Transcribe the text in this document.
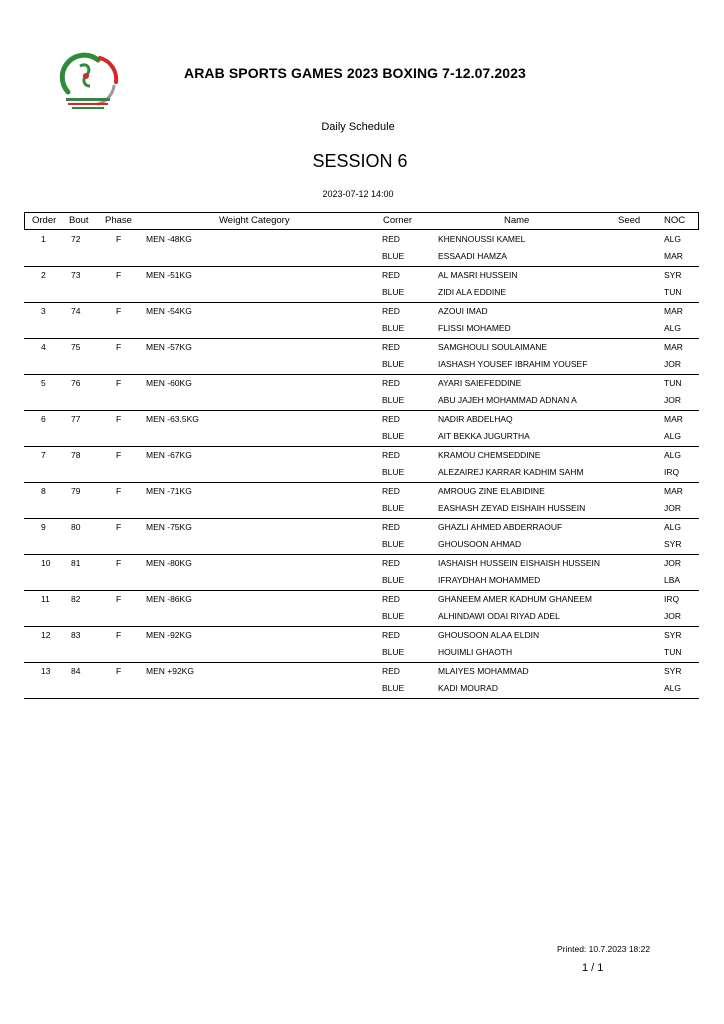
ARAB SPORTS GAMES 2023 BOXING 7-12.07.2023
Daily Schedule
SESSION 6
2023-07-12 14:00
Order Bout Phase	Weight Category	Corner	Name	Seed	NOC
1	72	F	MEN -48KG	RED	KHENNOUSSI KAMEL	ALG
BLUE	ESSAADI HAMZA	MAR
2	73	F	MEN -51KG	RED	AL MASRI HUSSEIN	SYR
BLUE	ZIDI ALA EDDINE	TUN
3	74	F	MEN -54KG	RED	AZOUI IMAD	MAR
BLUE	FLISSI MOHAMED	ALG
4	75	F	MEN -57KG	RED	SAMGHOULI SOULAIMANE	MAR
BLUE	IASHASH YOUSEF IBRAHIM YOUSEF	JOR
5	76	F	MEN -60KG	RED	AYARI SAIEFEDDINE	TUN
BLUE	ABU JAJEH MOHAMMAD ADNAN A	JOR
6	77	F	MEN -63.5KG	RED	NADIR ABDELHAQ	MAR
BLUE	AIT BEKKA JUGURTHA	ALG
7	78	F	MEN -67KG	RED	KRAMOU CHEMSEDDINE	ALG
BLUE	ALEZAIREJ KARRAR KADHIM SAHM	IRQ
8	79	F	MEN -71KG	RED	AMROUG ZINE ELABIDINE	MAR
BLUE	EASHASH ZEYAD EISHAIH HUSSEIN	JOR
9	80	F	MEN -75KG	RED	GHAZLI AHMED ABDERRAOUF	ALG
BLUE	GHOUSOON AHMAD	SYR
10 81	F	MEN -80KG	RED	IASHAISH HUSSEIN EISHAISH HUSSEIN	JOR
BLUE	IFRAYDHAH MOHAMMED	LBA
11 82	F	MEN -86KG	RED	GHANEEM AMER KADHUM GHANEEM	IRQ
BLUE	ALHINDAWI ODAI RIYAD ADEL	JOR
12 83	F	MEN -92KG	RED	GHOUSOON ALAA ELDIN	SYR
BLUE	HOUIMLI GHAOTH	TUN
13 84	F	MEN +92KG	RED	MLAIYES MOHAMMAD	SYR
BLUE	KADI MOURAD	ALG
Printed: 10.7.2023 18:22
1 / 1
